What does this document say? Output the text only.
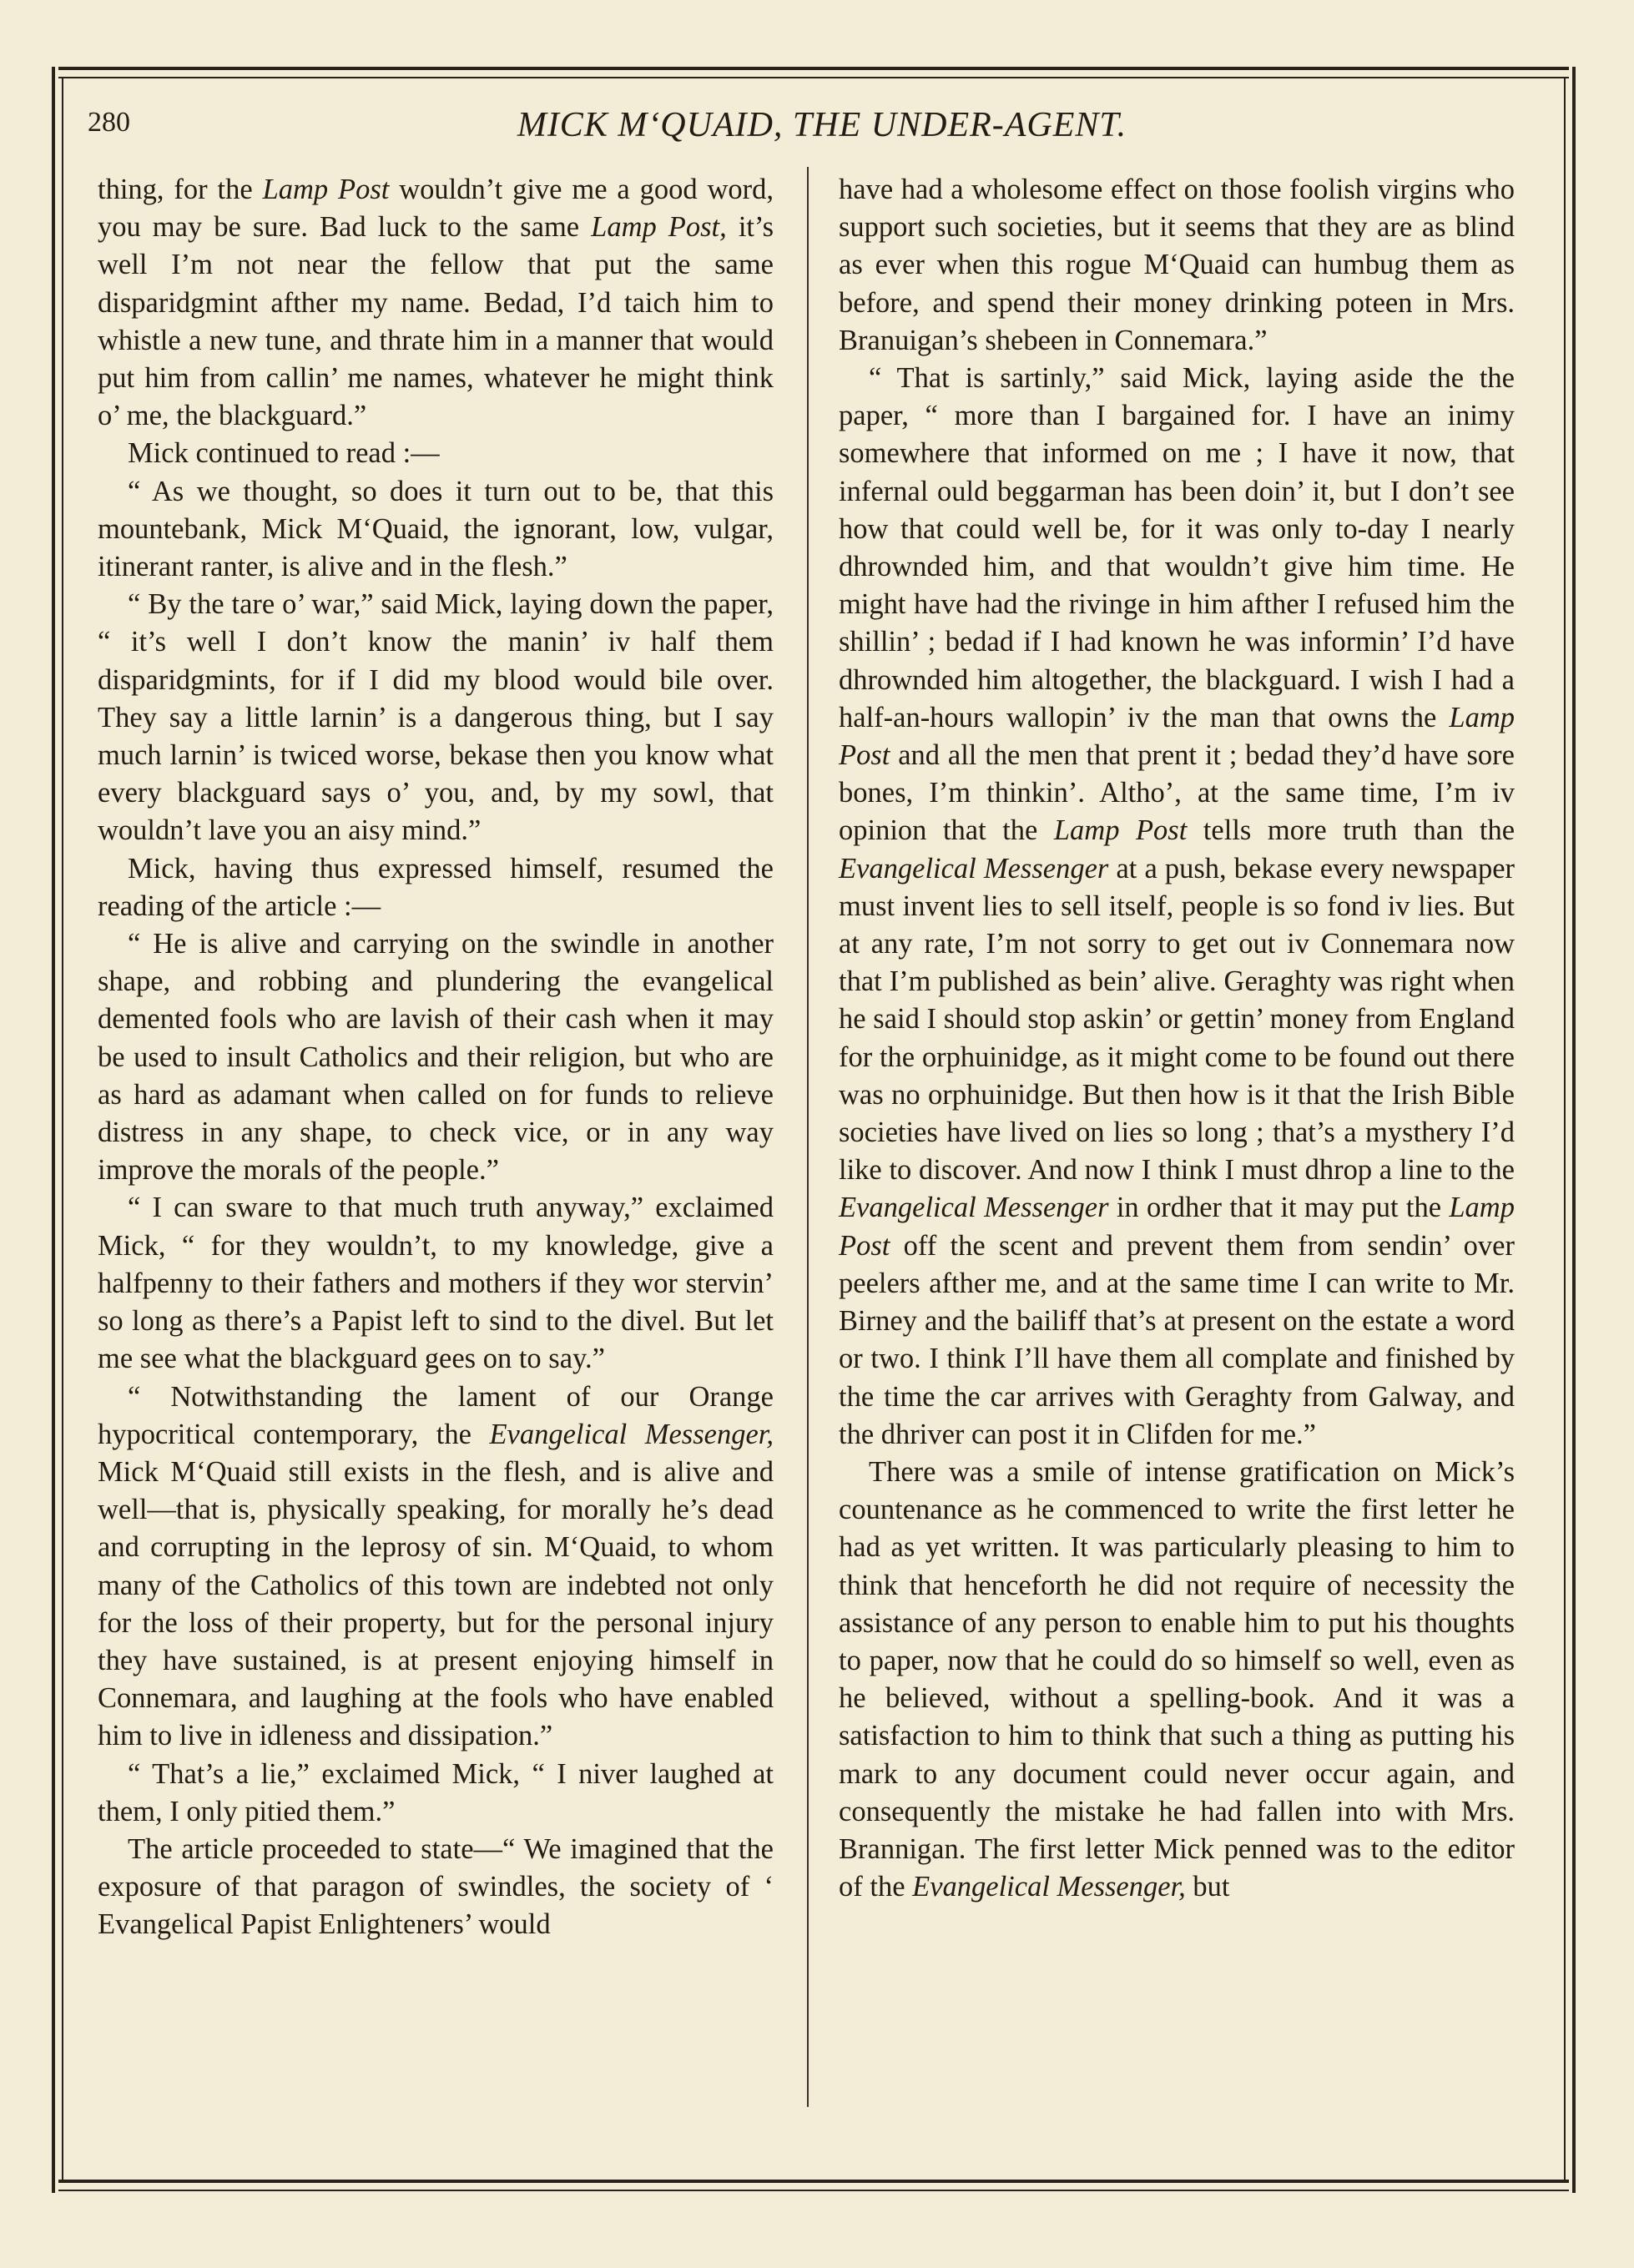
280	MICK M‘QUAID, THE UNDER-AGENT.

thing, for the Lamp Post wouldn’t give me a good word, you may be sure. Bad luck to the same Lamp Post, it’s well I’m not near the fellow that put the same disparidgmint afther my name. Bedad, I’d taich him to whistle a new tune, and thrate him in a manner that would put him from callin’ me names, whatever he might think o’ me, the blackguard.”

Mick continued to read :—

“ As we thought, so does it turn out to be, that this mountebank, Mick M‘Quaid, the ignorant, low, vulgar, itinerant ranter, is alive and in the flesh.”

“ By the tare o’ war,” said Mick, laying down the paper, “ it’s well I don’t know the manin’ iv half them disparidgmints, for if I did my blood would bile over. They say a little larnin’ is a dangerous thing, but I say much larnin’ is twiced worse, bekase then you know what every blackguard says o’ you, and, by my sowl, that wouldn’t lave you an aisy mind.”

Mick, having thus expressed himself, resumed the reading of the article :—

“ He is alive and carrying on the swindle in another shape, and robbing and plundering the evangelical demented fools who are lavish of their cash when it may be used to insult Catholics and their religion, but who are as hard as adamant when called on for funds to relieve distress in any shape, to check vice, or in any way improve the morals of the people.”

“ I can sware to that much truth anyway,” exclaimed Mick, “ for they wouldn’t, to my knowledge, give a halfpenny to their fathers and mothers if they wor stervin’ so long as there’s a Papist left to sind to the divel. But let me see what the blackguard gees on to say.”

“ Notwithstanding the lament of our Orange hypocritical contemporary, the Evangelical Messenger, Mick M‘Quaid still exists in the flesh, and is alive and well—that is, physically speaking, for morally he’s dead and corrupting in the leprosy of sin. M‘Quaid, to whom many of the Catholics of this town are indebted not only for the loss of their property, but for the personal injury they have sustained, is at present enjoying himself in Connemara, and laughing at the fools who have enabled him to live in idleness and dissipation.”

“ That’s a lie,” exclaimed Mick, “ I niver laughed at them, I only pitied them.”

The article proceeded to state—“ We imagined that the exposure of that paragon of swindles, the society of ‘ Evangelical Papist Enlighteners’ would

have had a wholesome effect on those foolish virgins who support such societies, but it seems that they are as blind as ever when this rogue M‘Quaid can humbug them as before, and spend their money drinking poteen in Mrs. Branuigan’s shebeen in Connemara.”

“ That is sartinly,” said Mick, laying aside the the paper, “ more than I bargained for. I have an inimy somewhere that informed on me ; I have it now, that infernal ould beggarman has been doin’ it, but I don’t see how that could well be, for it was only to-day I nearly dhrownded him, and that wouldn’t give him time. He might have had the rivinge in him afther I refused him the shillin’ ; bedad if I had known he was informin’ I’d have dhrownded him altogether, the blackguard. I wish I had a half-an-hours wallopin’ iv the man that owns the Lamp Post and all the men that prent it ; bedad they’d have sore bones, I’m thinkin’. Altho’, at the same time, I’m iv opinion that the Lamp Post tells more truth than the Evangelical Messenger at a push, bekase every newspaper must invent lies to sell itself, people is so fond iv lies. But at any rate, I’m not sorry to get out iv Connemara now that I’m published as bein’ alive. Geraghty was right when he said I should stop askin’ or gettin’ money from England for the orphuinidge, as it might come to be found out there was no orphuinidge. But then how is it that the Irish Bible societies have lived on lies so long ; that’s a mysthery I’d like to discover. And now I think I must dhrop a line to the Evangelical Messenger in ordher that it may put the Lamp Post off the scent and prevent them from sendin’ over peelers afther me, and at the same time I can write to Mr. Birney and the bailiff that’s at present on the estate a word or two. I think I’ll have them all complate and finished by the time the car arrives with Geraghty from Galway, and the dhriver can post it in Clifden for me.”

There was a smile of intense gratification on Mick’s countenance as he commenced to write the first letter he had as yet written. It was particularly pleasing to him to think that henceforth he did not require of necessity the assistance of any person to enable him to put his thoughts to paper, now that he could do so himself so well, even as he believed, without a spelling-book. And it was a satisfaction to him to think that such a thing as putting his mark to any document could never occur again, and consequently the mistake he had fallen into with Mrs. Brannigan. The first letter Mick penned was to the editor of the Evangelical Messenger, but
